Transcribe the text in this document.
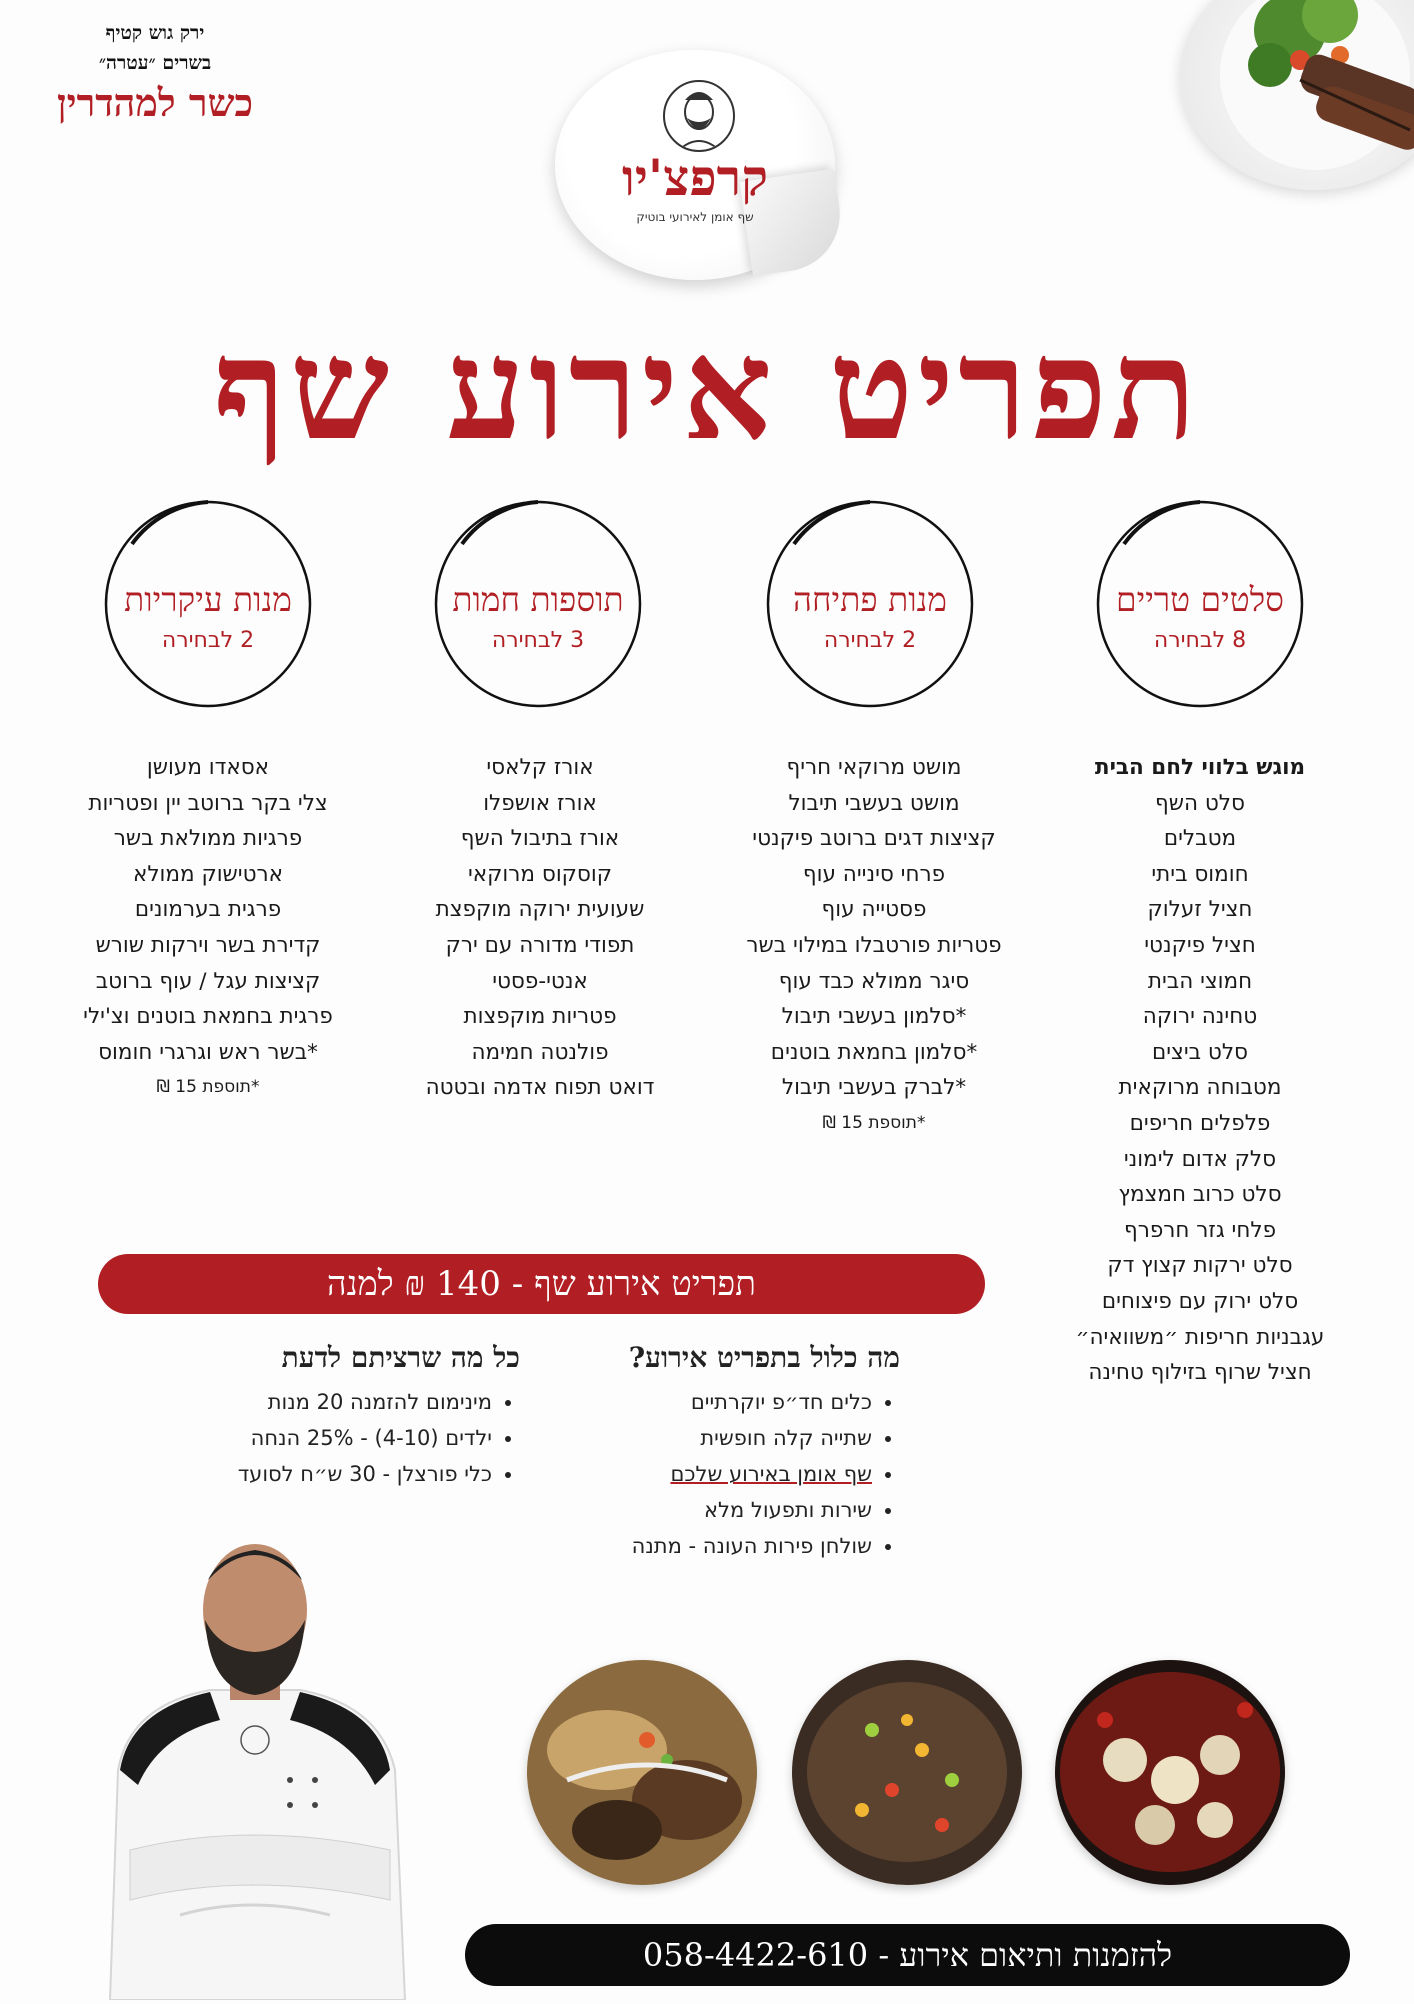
ירק גוש קטיף
בשרים ״עטרה״
כשר למהדרין
קרפצ'יו
שף אומן לאירועי בוטיק
תפריט אירוע שף
סלטים טריים
8 לבחירה
מנות פתיחה
2 לבחירה
תוספות חמות
3 לבחירה
מנות עיקריות
2 לבחירה
מוגש בלווי לחם הבית
סלט השף
מטבלים
חומוס ביתי
חציל זעלוק
חציל פיקנטי
חמוצי הבית
טחינה ירוקה
סלט ביצים
מטבוחה מרוקאית
פלפלים חריפים
סלק אדום לימוני
סלט כרוב חמצמץ
פלחי גזר חרפרף
סלט ירקות קצוץ דק
סלט ירוק עם פיצוחים
עגבניות חריפות ״משוואיה״
חציל שרוף בזילוף טחינה
מושט מרוקאי חריף
מושט בעשבי תיבול
קציצות דגים ברוטב פיקנטי
פרחי סינייה עוף
פסטייה עוף
פטריות פורטבלו במילוי בשר
סיגר ממולא כבד עוף
*סלמון בעשבי תיבול
*סלמון בחמאת בוטנים
*לברק בעשבי תיבול
*תוספת 15 ₪
אורז קלאסי
אורז אושפלו
אורז בתיבול השף
קוסקוס מרוקאי
שעועית ירוקה מוקפצת
תפודי מדורה עם ירק
אנטי-פסטי
פטריות מוקפצות
פולנטה חמימה
דואט תפוח אדמה ובטטה
אסאדו מעושן
צלי בקר ברוטב יין ופטריות
פרגיות ממולאת בשר
ארטישוק ממולא
פרגית בערמונים
קדירת בשר וירקות שורש
קציצות עגל / עוף ברוטב
פרגית בחמאת בוטנים וצ'ילי
*בשר ראש וגרגרי חומוס
*תוספת 15 ₪
תפריט אירוע שף - 140 ₪ למנה
מה כלול בתפריט אירוע?
• כלים חד״פ יוקרתיים
• שתייה קלה חופשית
• שף אומן באירוע שלכם
• שירות ותפעול מלא
• שולחן פירות העונה - מתנה
כל מה שרציתם לדעת
• מינימום להזמנה 20 מנות
• ילדים (4-10) - 25% הנחה
• כלי פורצלן - 30 ש״ח לסועד
להזמנות ותיאום אירוע - 058-4422-610
